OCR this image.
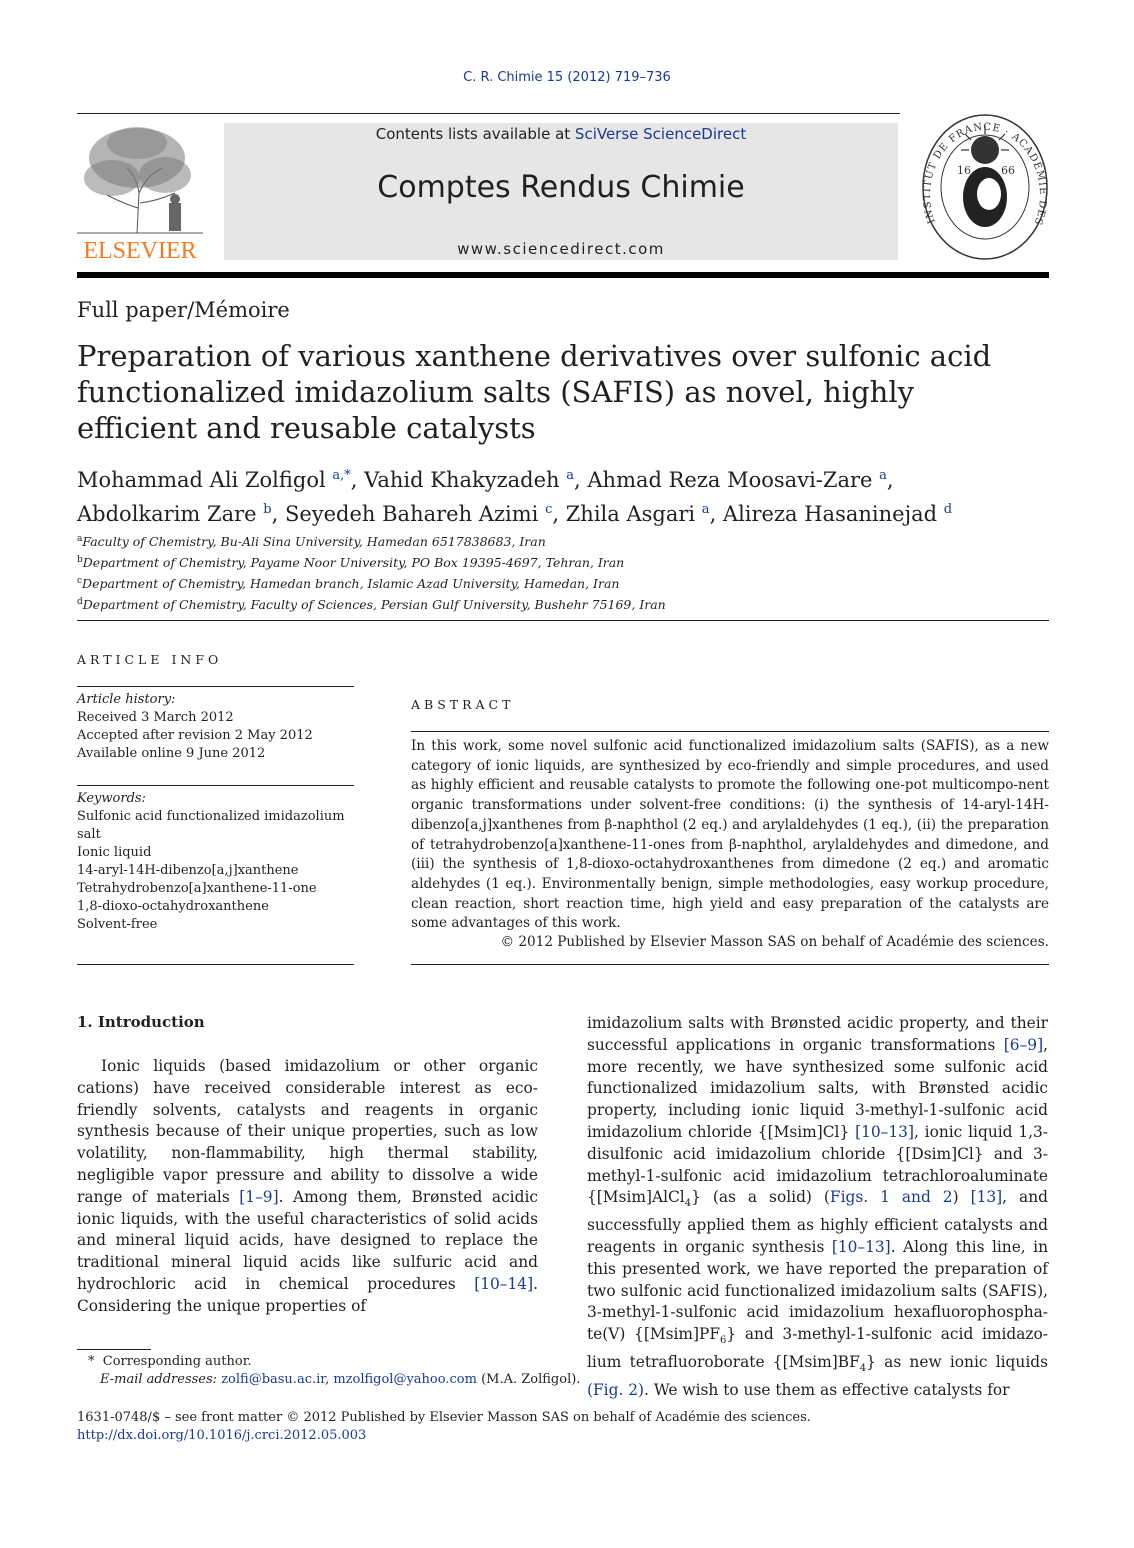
C. R. Chimie 15 (2012) 719–736
ELSEVIER
Contents lists available at SciVerse ScienceDirect
Comptes Rendus Chimie
www.sciencedirect.com
16	66
INSTITUT DE FRANCE · ACADÉMIE DES
Full paper/Mémoire
Preparation of various xanthene derivatives over sulfonic acid functionalized imidazolium salts (SAFIS) as novel, highly efficient and reusable catalysts
Mohammad Ali Zolfigol $^{a,*}$, Vahid Khakyzadeh $^a$, Ahmad Reza Moosavi-Zare $^a$,
Abdolkarim Zare $^b$, Seyedeh Bahareh Azimi $^c$, Zhila Asgari $^a$, Alireza Hasaninejad $^d$
$^a$Faculty of Chemistry, Bu-Ali Sina University, Hamedan 6517838683, Iran
$^b$Department of Chemistry, Payame Noor University, PO Box 19395-4697, Tehran, Iran
$^c$Department of Chemistry, Hamedan branch, Islamic Azad University, Hamedan, Iran
$^d$Department of Chemistry, Faculty of Sciences, Persian Gulf University, Bushehr 75169, Iran
ARTICLE INFO
Article history:
Received 3 March 2012
Accepted after revision 2 May 2012
Available online 9 June 2012
Keywords:
Sulfonic acid functionalized imidazolium salt
Ionic liquid
14-aryl-14H-dibenzo[a,j]xanthene
Tetrahydrobenzo[a]xanthene-11-one
1,8-dioxo-octahydroxanthene
Solvent-free
ABSTRACT
In this work, some novel sulfonic acid functionalized imidazolium salts (SAFIS), as a new category of ionic liquids, are synthesized by eco-friendly and simple procedures, and used as highly efficient and reusable catalysts to promote the following one-pot multicompo-nent organic transformations under solvent-free conditions: (i) the synthesis of 14-aryl-14H-dibenzo[a,j]xanthenes from β-naphthol (2 eq.) and arylaldehydes (1 eq.), (ii) the preparation of tetrahydrobenzo[a]xanthene-11-ones from β-naphthol, arylaldehydes and dimedone, and (iii) the synthesis of 1,8-dioxo-octahydroxanthenes from dimedone (2 eq.) and aromatic aldehydes (1 eq.). Environmentally benign, simple methodologies, easy workup procedure, clean reaction, short reaction time, high yield and easy preparation of the catalysts are some advantages of this work.
© 2012 Published by Elsevier Masson SAS on behalf of Académie des sciences.
1. Introduction
Ionic liquids (based imidazolium or other organic cations) have received considerable interest as eco-friendly solvents, catalysts and reagents in organic synthesis because of their unique properties, such as low volatility, non-flammability, high thermal stability, negligible vapor pressure and ability to dissolve a wide range of materials [1–9]. Among them, Brønsted acidic ionic liquids, with the useful characteristics of solid acids and mineral liquid acids, have designed to replace the traditional mineral liquid acids like sulfuric acid and hydrochloric acid in chemical procedures [10–14]. Considering the unique properties of
imidazolium salts with Brønsted acidic property, and their successful applications in organic transformations [6–9], more recently, we have synthesized some sulfonic acid functionalized imidazolium salts, with Brønsted acidic property, including ionic liquid 3-methyl-1-sulfonic acid imidazolium chloride {[Msim]Cl} [10–13], ionic liquid 1,3-disulfonic acid imidazolium chloride {[Dsim]Cl} and 3-methyl-1-sulfonic acid imidazolium tetrachloroaluminate {[Msim]AlCl$_4$} (as a solid) (Figs. 1 and 2) [13], and successfully applied them as highly efficient catalysts and reagents in organic synthesis [10–13]. Along this line, in this presented work, we have reported the preparation of two sulfonic acid functionalized imidazolium salts (SAFIS), 3-methyl-1-sulfonic acid imidazolium hexafluorophospha-te(V) $\{[Msim]PF_6\}$ and 3-methyl-1-sulfonic acid imidazo-lium tetrafluoroborate $\{[Msim]BF_4\}$ as new ionic liquids (Fig. 2). We wish to use them as effective catalysts for
*  Corresponding author.
E-mail addresses: zolfi@basu.ac.ir, mzolfigol@yahoo.com (M.A. Zolfigol).
1631-0748/$ – see front matter © 2012 Published by Elsevier Masson SAS on behalf of Académie des sciences.
http://dx.doi.org/10.1016/j.crci.2012.05.003
